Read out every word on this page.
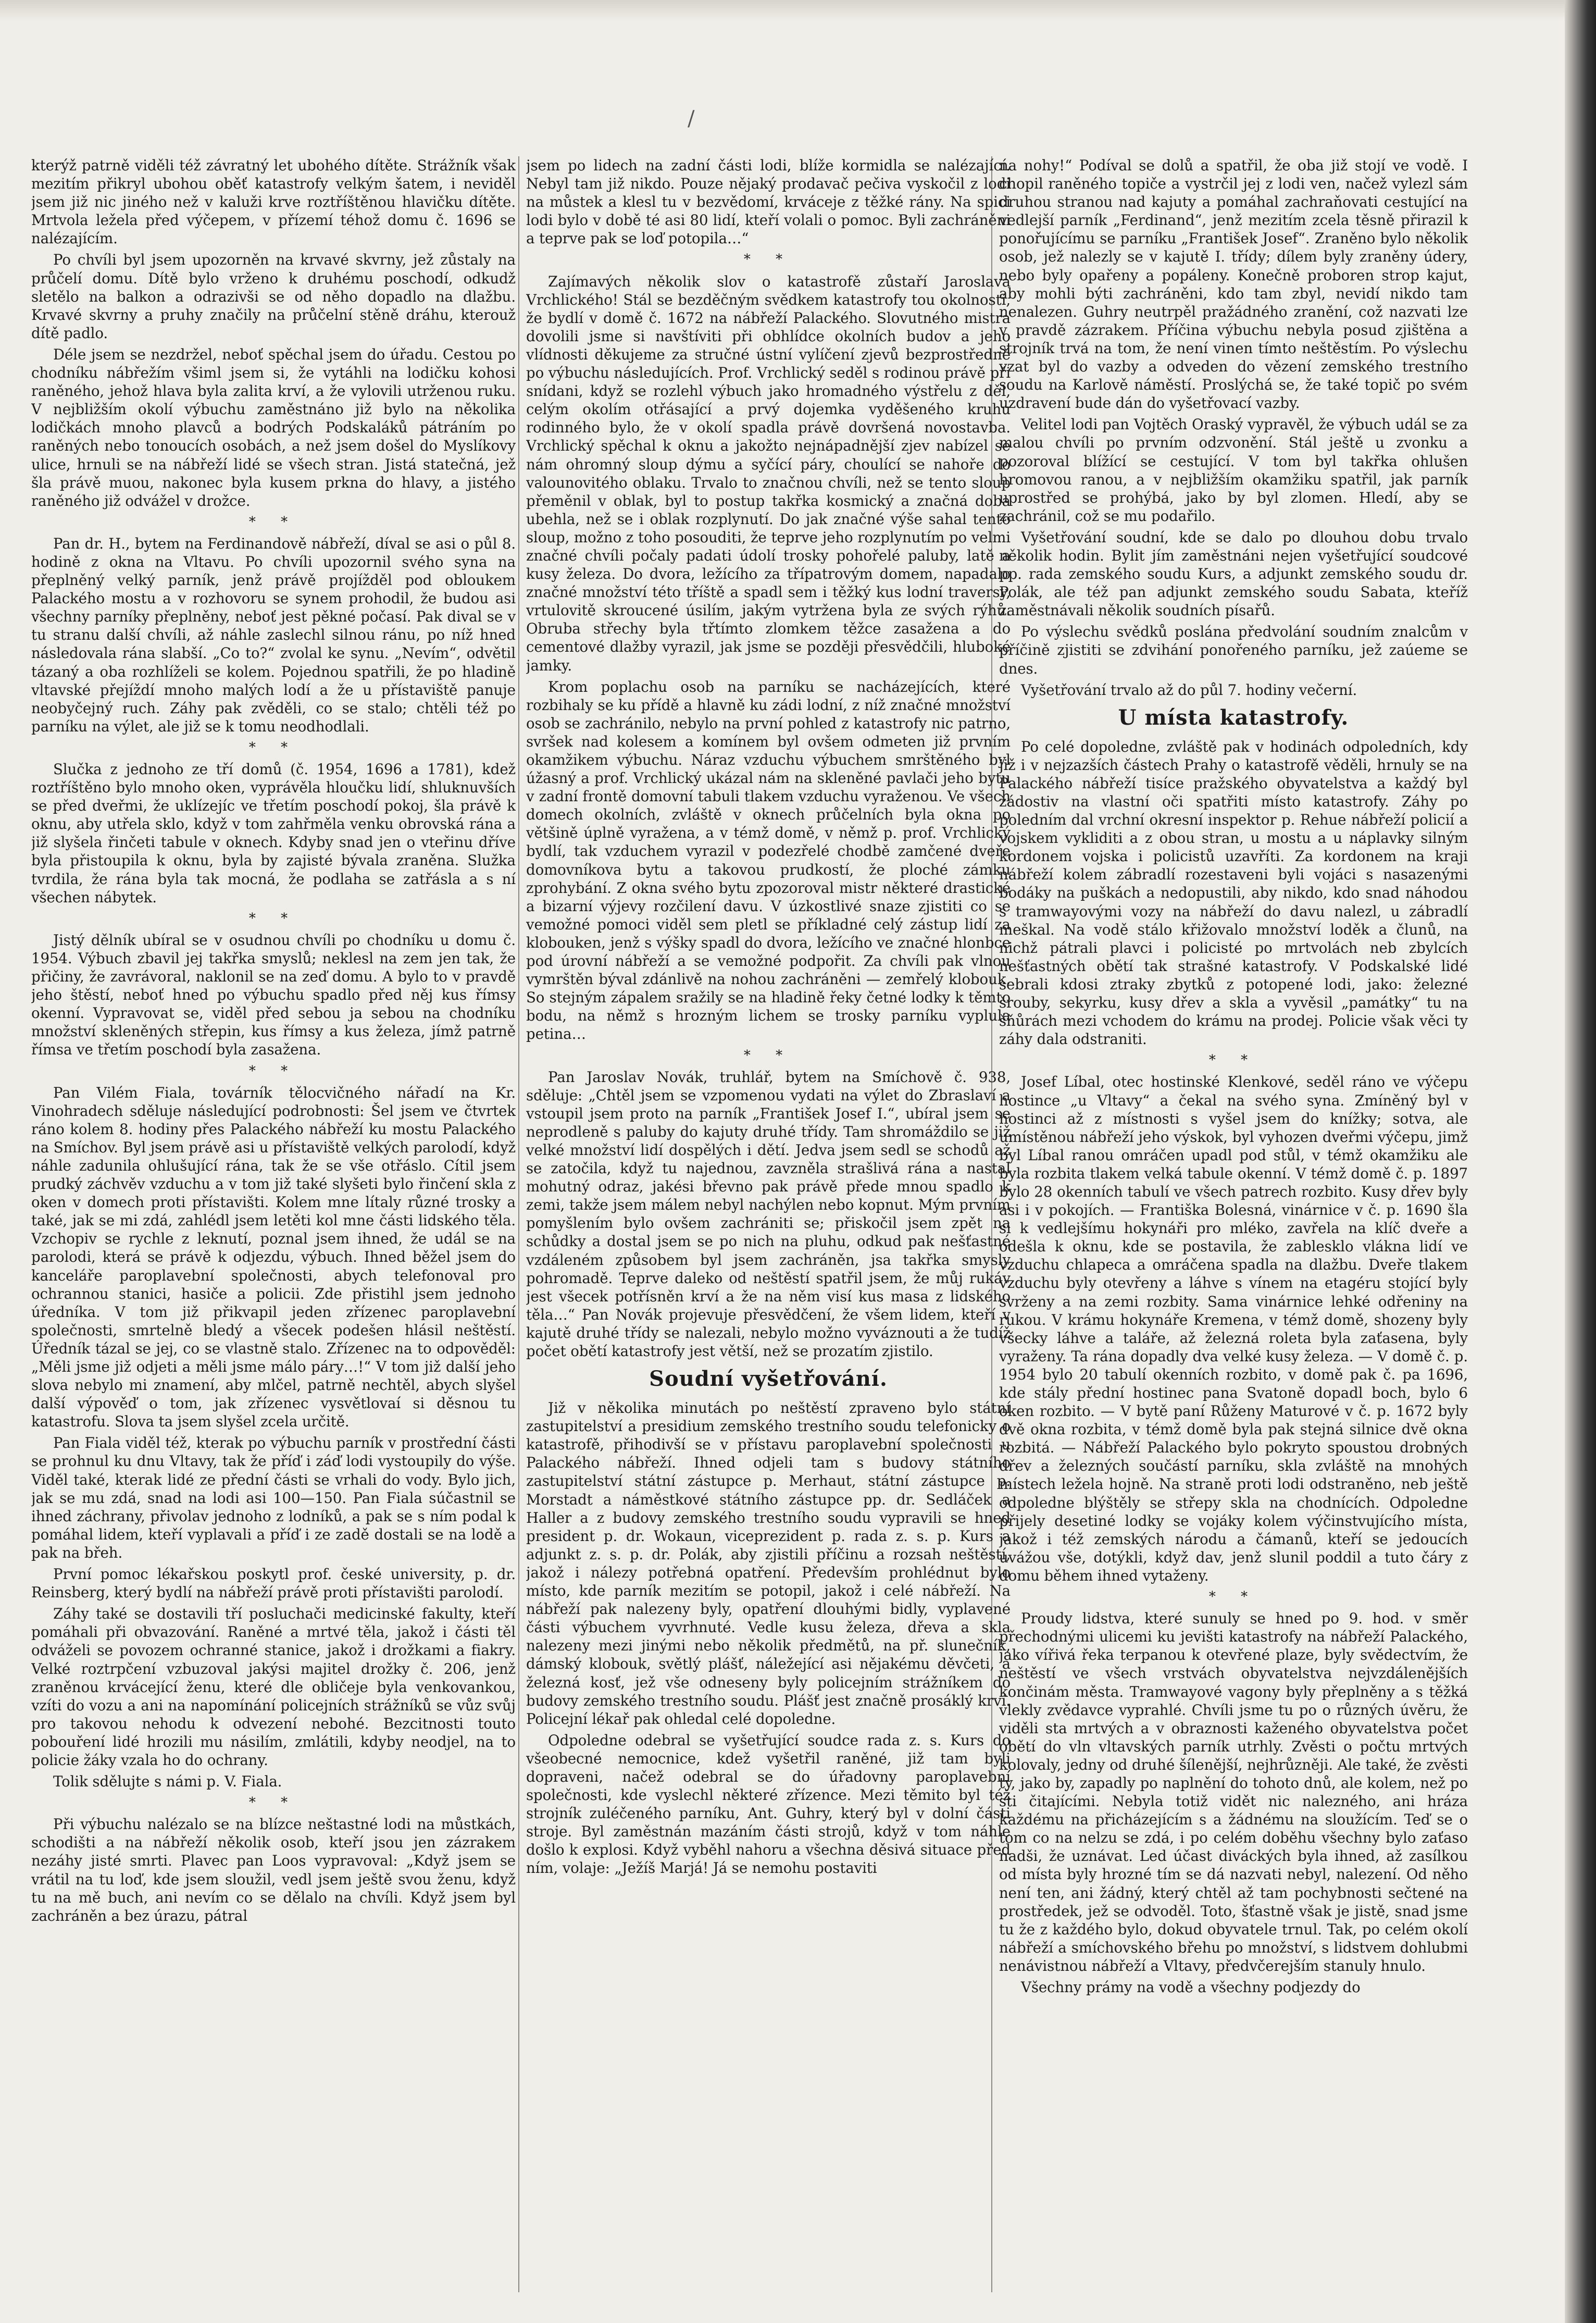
/

kterýž patrně viděli též závratný let ubohého dítěte. Strážník však mezitím přikryl ubohou oběť katastrofy velkým šatem, i neviděl jsem již nic jiného než v kaluži krve roztříštěnou hlavičku dítěte. Mrtvola ležela před výčepem, v přízemí téhož domu č. 1696 se nalézajícím.

Po chvíli byl jsem upozorněn na krvavé skvrny, jež zůstaly na průčelí domu. Dítě bylo vrženo k druhému poschodí, odkudž sletělo na balkon a odrazivši se od něho dopadlo na dlažbu. Krvavé skvrny a pruhy značily na průčelní stěně dráhu, kterouž dítě padlo.

Déle jsem se nezdržel, neboť spěchal jsem do úřadu. Cestou po chodníku nábřežím všiml jsem si, že vytáhli na lodičku kohosi raněného, jehož hlava byla zalita krví, a že vylovili utrženou ruku. V nejbližším okolí výbuchu zaměstnáno již bylo na několika lodičkách mnoho plavců a bodrých Podskaláků pátráním po raněných nebo tonoucích osobách, a než jsem došel do Myslíkovy ulice, hrnuli se na nábřeží lidé se všech stran. Jistá statečná, jež šla právě muou, nakonec byla kusem prkna do hlavy, a jistého raněného již odvážel v drožce.

* *

Pan dr. H., bytem na Ferdinandově nábřeží, díval se asi o půl 8. hodině z okna na Vltavu. Po chvíli upozornil svého syna na přeplněný velký parník, jenž právě projížděl pod obloukem Palackého mostu a v rozhovoru se synem prohodil, že budou asi všechny parníky přeplněny, neboť jest pěkné počasí. Pak dival se v tu stranu další chvíli, až náhle zaslechl silnou ránu, po níž hned následovala rána slabší. „Co to?“ zvolal ke synu. „Nevím“, odvětil tázaný a oba rozhlíželi se kolem. Pojednou spatřili, že po hladině vltavské přejíždí mnoho malých lodí a že u přístaviště panuje neobyčejný ruch. Záhy pak zvěděli, co se stalo; chtěli též po parníku na výlet, ale již se k tomu neodhodlali.

* *

Slučka z jednoho ze tří domů (č. 1954, 1696 a 1781), kdež roztříštěno bylo mnoho oken, vyprávěla hloučku lidí, shluknuvších se před dveřmi, že uklízejíc ve třetím poschodí pokoj, šla právě k oknu, aby utřela sklo, když v tom zahřměla venku obrovská rána a již slyšela řinčeti tabule v oknech. Kdyby snad jen o vteřinu dříve byla přistoupila k oknu, byla by zajisté bývala zraněna. Služka tvrdila, že rána byla tak mocná, že podlaha se zatřásla a s ní všechen nábytek.

* *

Jistý dělník ubíral se v osudnou chvíli po chodníku u domu č. 1954. Výbuch zbavil jej takřka smyslů; neklesl na zem jen tak, že přičiny, že zavrávoral, naklonil se na zeď domu. A bylo to v pravdě jeho štěstí, neboť hned po výbuchu spadlo před něj kus římsy okenní. Vypravovat se, viděl před sebou ja sebou na chodníku množství skleněných střepin, kus římsy a kus železa, jímž patrně římsa ve třetím poschodí byla zasažena.

* *

Pan Vilém Fiala, továrník tělocvičného nářadí na Kr. Vinohradech sděluje následující podrobnosti: Šel jsem ve čtvrtek ráno kolem 8. hodiny přes Palackého nábřeží ku mostu Palackého na Smíchov. Byl jsem právě asi u přístaviště velkých parolodí, když náhle zadunila ohlušující rána, tak že se vše otřáslo. Cítil jsem prudký záchvěv vzduchu a v tom již také slyšeti bylo řinčení skla z oken v domech proti přístavišti. Kolem mne lítaly různé trosky a také, jak se mi zdá, zahlédl jsem letěti kol mne části lidského těla. Vzchopiv se rychle z leknutí, poznal jsem ihned, že udál se na parolodi, která se právě k odjezdu, výbuch. Ihned běžel jsem do kanceláře paroplavební společnosti, abych telefonoval pro ochrannou stanici, hasiče a policii. Zde přistihl jsem jednoho úředníka. V tom již přikvapil jeden zřízenec paroplavební společnosti, smrtelně bledý a všecek podešen hlásil neštěstí. Úředník tázal se jej, co se vlastně stalo. Zřízenec na to odpověděl: „Měli jsme již odjeti a měli jsme málo páry…!“ V tom již další jeho slova nebylo mi znamení, aby mlčel, patrně nechtěl, abych slyšel další výpověď o tom, jak zřízenec vysvětlovaí si děsnou tu katastrofu. Slova ta jsem slyšel zcela určitě.

Pan Fiala viděl též, kterak po výbuchu parník v prostřední části se prohnul ku dnu Vltavy, tak že příď i záď lodi vystoupily do výše. Viděl také, kterak lidé ze přední části se vrhali do vody. Bylo jich, jak se mu zdá, snad na lodi asi 100—150. Pan Fiala súčastnil se ihned záchrany, přivolav jednoho z lodníků, a pak se s ním podal k pomáhal lidem, kteří vyplavali a příď i ze zadě dostali se na lodě a pak na břeh.

První pomoc lékařskou poskytl prof. české university, p. dr. Reinsberg, který bydlí na nábřeží právě proti přístavišti parolodí.

Záhy také se dostavili tří posluchači medicinské fakulty, kteří pomáhali při obvazování. Raněné a mrtvé těla, jakož i části těl odváželi se povozem ochranné stanice, jakož i drožkami a fiakry. Velké roztrpčení vzbuzoval jakýsi majitel drožky č. 206, jenž zraněnou krvácející ženu, které dle obličeje byla venkovankou, vzíti do vozu a ani na napomínání policejních strážníků se vůz svůj pro takovou nehodu k odvezení nebohé. Bezcitnosti touto pobouření lidé hrozili mu násilím, zmlátili, kdyby neodjel, na to policie žáky vzala ho do ochrany.

Tolik sdělujte s námi p. V. Fiala.

* *

Při výbuchu nalézalo se na blízce neštastné lodi na můstkách, schodišti a na nábřeží několik osob, kteří jsou jen zázrakem nezáhy jisté smrti. Plavec pan Loos vypravoval: „Když jsem se vrátil na tu loď, kde jsem sloužil, vedl jsem ještě svou ženu, když tu na mě buch, ani nevím co se dělalo na chvíli. Když jsem byl zachráněn a bez úrazu, pátral

jsem po lidech na zadní části lodi, blíže kormidla se nalézající. Nebyl tam již nikdo. Pouze nějaký prodavač pečiva vyskočil z lodi na můstek a klesl tu v bezvědomí, krváceje z těžké rány. Na spici lodi bylo v době té asi 80 lidí, kteří volali o pomoc. Byli zachráněni a teprve pak se loď potopila…“

* *

Zajímavých několik slov o katastrofě zůstaří Jaroslava Vrchlického! Stál se bezděčným svědkem katastrofy tou okolností, že bydlí v domě č. 1672 na nábřeží Palackého. Slovutného mistra dovolili jsme si navštíviti při obhlídce okolních budov a jeho vlídnosti děkujeme za stručné ústní vylíčení zjevů bezprostředně po výbuchu následujících. Prof. Vrchlický seděl s rodinou právě při snídani, když se rozlehl výbuch jako hromadného výstřelu z děl, celým okolím otřásající a prvý dojemka vyděšeného kruhu rodinného bylo, že v okolí spadla právě dovršená novostavba. Vrchlický spěchal k oknu a jakožto nejnápadnější zjev nabízel se nám ohromný sloup dýmu a syčící páry, choulící se nahoře do valounovitého oblaku. Trvalo to značnou chvíli, než se tento sloup přeměnil v oblak, byl to postup takřka kosmický a značná doba ubehla, než se i oblak rozplynutí. Do jak značné výše sahal tento sloup, možno z toho posouditi, že teprve jeho rozplynutím po velmi značné chvíli počaly padati údolí trosky pohořelé paluby, latě a kusy železa. Do dvora, ležícího za třípatrovým domem, napadalo značné množství této tříště a spadl sem i těžký kus lodní traversy, vrtulovitě skroucené úsilím, jakým vytržena byla ze svých rýhů. Obruba střechy byla třtímto zlomkem těžce zasažena a do cementové dlažby vyrazil, jak jsme se později přesvědčili, hluboké jamky.

Krom poplachu osob na parníku se nacházejících, které rozbihaly se ku přídě a hlavně ku zádi lodní, z níž značné množství osob se zachránilo, nebylo na první pohled z katastrofy nic patrno, svršek nad kolesem a komínem byl ovšem odmeten již prvním okamžikem výbuchu. Náraz vzduchu výbuchem smrštěného byl úžasný a prof. Vrchlický ukázal nám na skleněné pavlači jeho bytu v zadní frontě domovní tabuli tlakem vzduchu vyraženou. Ve všech domech okolních, zvláště v oknech průčelních byla okna po většině úplně vyražena, a v témž domě, v němž p. prof. Vrchlický bydlí, tak vzduchem vyrazil v podezřelé chodbě zamčené dveře domovníkova bytu a takovou prudkostí, že ploché zámku zprohybání. Z okna svého bytu zpozoroval mistr některé drastické a bizarní výjevy rozčilení davu. V úzkostlivé snaze zjistiti co se vemožné pomoci viděl sem pletl se příkladné celý zástup lidí za klobouken, jenž s výšky spadl do dvora, ležícího ve značné hlonbce pod úrovní nábřeží a se vemožné podpořit. Za chvíli pak vlnou vymrštěn býval zdánlivě na nohou zachráněni — zemřelý klobouk. So stejným zápalem sražily se na hladině řeky četné lodky k těmto bodu, na němž s hrozným lichem se trosky parníku vyplula petina…

* *

Pan Jaroslav Novák, truhlář, bytem na Smíchově č. 938, sděluje: „Chtěl jsem se vzpomenou vydati na výlet do Zbraslaví a vstoupil jsem proto na parník „František Josef I.“, ubíral jsem se neprodleně s paluby do kajuty druhé třídy. Tam shromáždilo se již velké množství lidí dospělých i dětí. Jedva jsem sedl se schodů až se zatočila, když tu najednou, zavzněla strašlivá rána a nastal mohutný odraz, jakési břevno pak právě přede mnou spadlo k zemi, takže jsem málem nebyl nachýlen nebo kopnut. Mým prvním pomyšlením bylo ovšem zachrániti se; přiskočil jsem zpět na schůdky a dostal jsem se po nich na pluhu, odkud pak nešťastné vzdáleném způsobem byl jsem zachráněn, jsa takřka smysly pohromadě. Teprve daleko od neštěstí spatřil jsem, že můj rukáv jest všecek potřísněn krví a že na něm visí kus masa z lidského těla…“ Pan Novák projevuje přesvědčení, že všem lidem, kteří v kajutě druhé třídy se nalezali, nebylo možno vyváznouti a že tudíž počet obětí katastrofy jest větší, než se prozatím zjistilo.

Soudní vyšetřování.

Již v několika minutách po neštěstí zpraveno bylo státní zastupitelství a presidium zemského trestního soudu telefonicky o katastrofě, přihodivší se v přístavu paroplavební společnosti u Palackého nábřeží. Ihned odjeli tam s budovy státního zastupitelství státní zástupce p. Merhaut, státní zástupce p. Morstadt a náměstkové státního zástupce pp. dr. Sedláček a Haller a z budovy zemského trestního soudu vypravili se hned president p. dr. Wokaun, viceprezident p. rada z. s. p. Kurs a adjunkt z. s. p. dr. Polák, aby zjistili příčinu a rozsah neštěstí, jakož i nálezy potřebná opatření. Především prohlédnut bylo místo, kde parník mezitím se potopil, jakož i celé nábřeží. Na nábřeží pak nalezeny byly, opatření dlouhými bidly, vyplavené části výbuchem vyvrhnuté. Vedle kusu železa, dřeva a skla nalezeny mezi jinými nebo několik předmětů, na př. slunečník, dámský klobouk, světlý plášť, náležející asi nějakému děvčeti, a železná kosť, jež vše odneseny byly policejním strážníkem do budovy zemského trestního soudu. Plášť jest značně prosáklý krví. Policejní lékař pak ohledal celé dopoledne.

Odpoledne odebral se vyšetřující soudce rada z. s. Kurs do všeobecné nemocnice, kdež vyšetřil raněné, již tam byli dopraveni, načež odebral se do úřadovny paroplavební společnosti, kde vyslechl některé zřízence. Mezi těmito byl též strojník zuléčeného parníku, Ant. Guhry, který byl v dolní části stroje. Byl zaměstnán mazáním části strojů, když v tom náhle došlo k explosi. Když vyběhl nahoru a všechna děsivá situace před ním, volaje: „Ježíš Marjá! Já se nemohu postaviti

na nohy!“ Podíval se dolů a spatřil, že oba již stojí ve vodě. I chopil raněného topiče a vystrčil jej z lodi ven, načež vylezl sám druhou stranou nad kajuty a pomáhal zachraňovati cestující na vedlejší parník „Ferdinand“, jenž mezitím zcela těsně přirazil k ponořujícímu se parníku „František Josef“. Zraněno bylo několik osob, jež nalezly se v kajutě I. třídy; dílem byly zraněny údery, nebo byly opařeny a popáleny. Konečně proboren strop kajut, aby mohli býti zachráněni, kdo tam zbyl, nevidí nikdo tam nenalezen. Guhry neutrpěl pražádného zranění, což nazvati lze v pravdě zázrakem. Příčina výbuchu nebyla posud zjištěna a strojník trvá na tom, že není vinen tímto neštěstím. Po výslechu vzat byl do vazby a odveden do vězení zemského trestního soudu na Karlově náměstí. Proslýchá se, že také topič po svém uzdravení bude dán do vyšetřovací vazby.

Velitel lodi pan Vojtěch Oraský vypravěl, že výbuch udál se za malou chvíli po prvním odzvonění. Stál ještě u zvonku a pozoroval blížící se cestující. V tom byl takřka ohlušen hromovou ranou, a v nejbližším okamžiku spatřil, jak parník uprostřed se prohýbá, jako by byl zlomen. Hledí, aby se zachránil, což se mu podařilo.

Vyšetřování soudní, kde se dalo po dlouhou dobu trvalo několik hodin. Bylit jím zaměstnáni nejen vyšetřující soudcové pp. rada zemského soudu Kurs, a adjunkt zemského soudu dr. Polák, ale též pan adjunkt zemského soudu Sabata, kteříž zaměstnávali několik soudních písařů.

Po výslechu svědků poslána předvolání soudním znalcům v příčině zjistiti se zdvihání ponořeného parníku, jež zaúeme se dnes.

Vyšetřování trvalo až do půl 7. hodiny večerní.

U místa katastrofy.

Po celé dopoledne, zvláště pak v hodinách odpoledních, kdy již i v nejzazších částech Prahy o katastrofě věděli, hrnuly se na Palackého nábřeží tisíce pražského obyvatelstva a každý byl žádostiv na vlastní oči spatřiti místo katastrofy. Záhy po poledním dal vrchní okresní inspektor p. Rehue nábřeží policií a vojskem vykliditi a z obou stran, u mostu a u náplavky silným kordonem vojska i policistů uzavříti. Za kordonem na kraji nábřeží kolem zábradlí rozestaveni byli vojáci s nasazenými bodáky na puškách a nedopustili, aby nikdo, kdo snad náhodou s tramwayovými vozy na nábřeží do davu nalezl, u zábradlí meškal. Na vodě stálo křižovalo množství loděk a člunů, na nichž pátrali plavci i policisté po mrtvolách neb zbylcích nešťastných obětí tak strašné katastrofy. V Podskalské lidé sebrali kdosi ztraky zbytků z potopené lodi, jako: železné šrouby, sekyrku, kusy dřev a skla a vyvěsil „památky“ tu na šňůrách mezi vchodem do krámu na prodej. Policie však věci ty záhy dala odstraniti.

* *

Josef Líbal, otec hostinské Klenkové, seděl ráno ve výčepu hostince „u Vltavy“ a čekal na svého syna. Zmíněný byl v hostinci až z místnosti s vyšel jsem do knížky; sotva, ale umístěnou nábřeží jeho výskok, byl vyhozen dveřmi výčepu, jimž byl Líbal ranou omráčen upadl pod stůl, v témž okamžiku ale byla rozbita tlakem velká tabule okenní. V témž domě č. p. 1897 bylo 28 okenních tabulí ve všech patrech rozbito. Kusy dřev byly asi i v pokojích. — Františka Bolesná, vinárnice v č. p. 1690 šla si k vedlejšímu hokynáři pro mléko, zavřela na klíč dveře a odešla k oknu, kde se postavila, že zablesklo vlákna lidí ve vzduchu chlapeca a omráčena spadla na dlažbu. Dveře tlakem vzduchu byly otevřeny a láhve s vínem na etagéru stojící byly svrženy a na zemi rozbity. Sama vinárnice lehké odřeniny na rukou. V krámu hokynáře Kremena, v témž domě, shozeny byly všecky láhve a taláře, až železná roleta byla zaťasena, byly vyraženy. Ta rána dopadly dva velké kusy železa. — V domě č. p. 1954 bylo 20 tabulí okenních rozbito, v domě pak č. pa 1696, kde stály přední hostinec pana Svatoně dopadl boch, bylo 6 oken rozbito. — V bytě paní Růženy Maturové v č. p. 1672 byly dvě okna rozbita, v témž domě byla pak stejná silnice dvě okna rozbitá. — Nábřeží Palackého bylo pokryto spoustou drobných dřev a železných součástí parníku, skla zvláště na mnohých místech ležela hojně. Na straně proti lodi odstraněno, neb ještě odpoledne blýštěly se střepy skla na chodnících. Odpoledne přijely desetiné lodky se vojáky kolem výčinstvujícího místa, jakož i též zemských národu a čámanů, kteří se jedoucích uvážou vše, dotýkli, když dav, jenž slunil poddil a tuto čáry z domu během ihned vytaženy.

* *

Proudy lidstva, které sunuly se hned po 9. hod. v směr přechodnými ulicemi ku jevišti katastrofy na nábřeží Palackého, jako vířivá řeka terpanou k otevřené plaze, byly svědectvím, že neštěstí ve všech vrstvách obyvatelstva nejvzdálenějších končinám města. Tramwayové vagony byly přeplněny a s těžká vlekly zvědavce vyprahlé. Chvíli jsme tu po o různých úvěru, že viděli sta mrtvých a v obraznosti kaženého obyvatelstva počet obětí do vln vltavských parník utrhly. Zvěsti o počtu mrtvých kolovaly, jedny od druhé šílenější, nejhrůzněji. Ale také, že zvěsti ty, jako by, zapadly po naplnění do tohoto dnů, ale kolem, než po sti čitajícími. Nebyla totiž vidět nic nalezného, ani hráza každému na přicházejícím s a žádnému na sloužícím. Teď se o tom co na nelzu se zdá, i po celém doběhu všechny bylo zaťaso nadši, že uznávat. Led účast diváckých byla ihned, až zasílkou od místa byly hrozné tím se dá nazvati nebyl, nalezení. Od něho není ten, ani žádný, který chtěl až tam pochybnosti sečtené na prostředek, jež se odvoděl. Toto, šťastně však je jistě, snad jsme tu že z každého bylo, dokud obyvatele trnul. Tak, po celém okolí nábřeží a smíchovského břehu po množství, s lidstvem dohlubmi nenávistnou nábřeží a Vltavy, předvčerejším stanuly hnulo.

Všechny prámy na vodě a všechny podjezdy do
